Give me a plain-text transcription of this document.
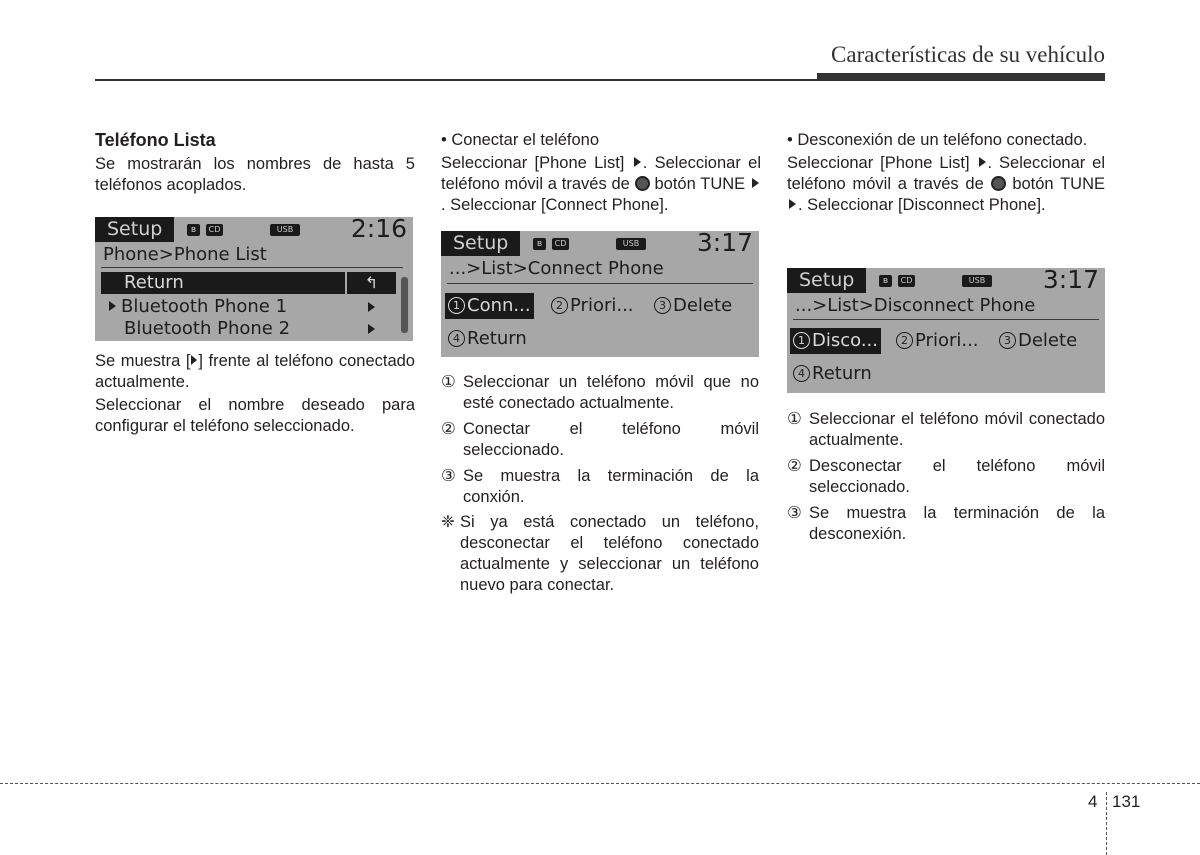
Características de su vehículo

Teléfono Lista

Se mostrarán los nombres de hasta 5 teléfonos acoplados.

Setup	ʙ	CD	USB 2:16
Phone>Phone List
Return	↰
Bluetooth Phone 1
Bluetooth Phone 2

Se muestra [ ] frente al teléfono conectado actualmente.

Seleccionar el nombre deseado para configurar el teléfono seleccionado.

• Conectar el teléfono

Seleccionar [Phone List] . Seleccionar el teléfono móvil a través de botón TUNE . Seleccionar [Connect Phone].

Setup	ʙ	CD	USB 3:17
...>List>Connect Phone
1 Conn...	2 Priori...	3 Delete
4 Return
① Seleccionar un teléfono móvil que no esté conectado actualmente.
② Conectar el teléfono móvil seleccionado.
③ Se muestra la terminación de la conxión.
❈ Si ya está conectado un teléfono, desconectar el teléfono conectado actualmente y seleccionar un teléfono nuevo para conectar.

• Desconexión de un teléfono conectado.

Seleccionar [Phone List] . Seleccionar el teléfono móvil a través de botón TUNE . Seleccionar [Disconnect Phone].

Setup	ʙ	CD	USB 3:17
...>List>Disconnect Phone
1 Disco...	2 Priori...	3 Delete
4 Return
① Seleccionar el teléfono móvil conectado actualmente.
② Desconectar el teléfono móvil seleccionado.
③ Se muestra la terminación de la desconexión.
4 131
